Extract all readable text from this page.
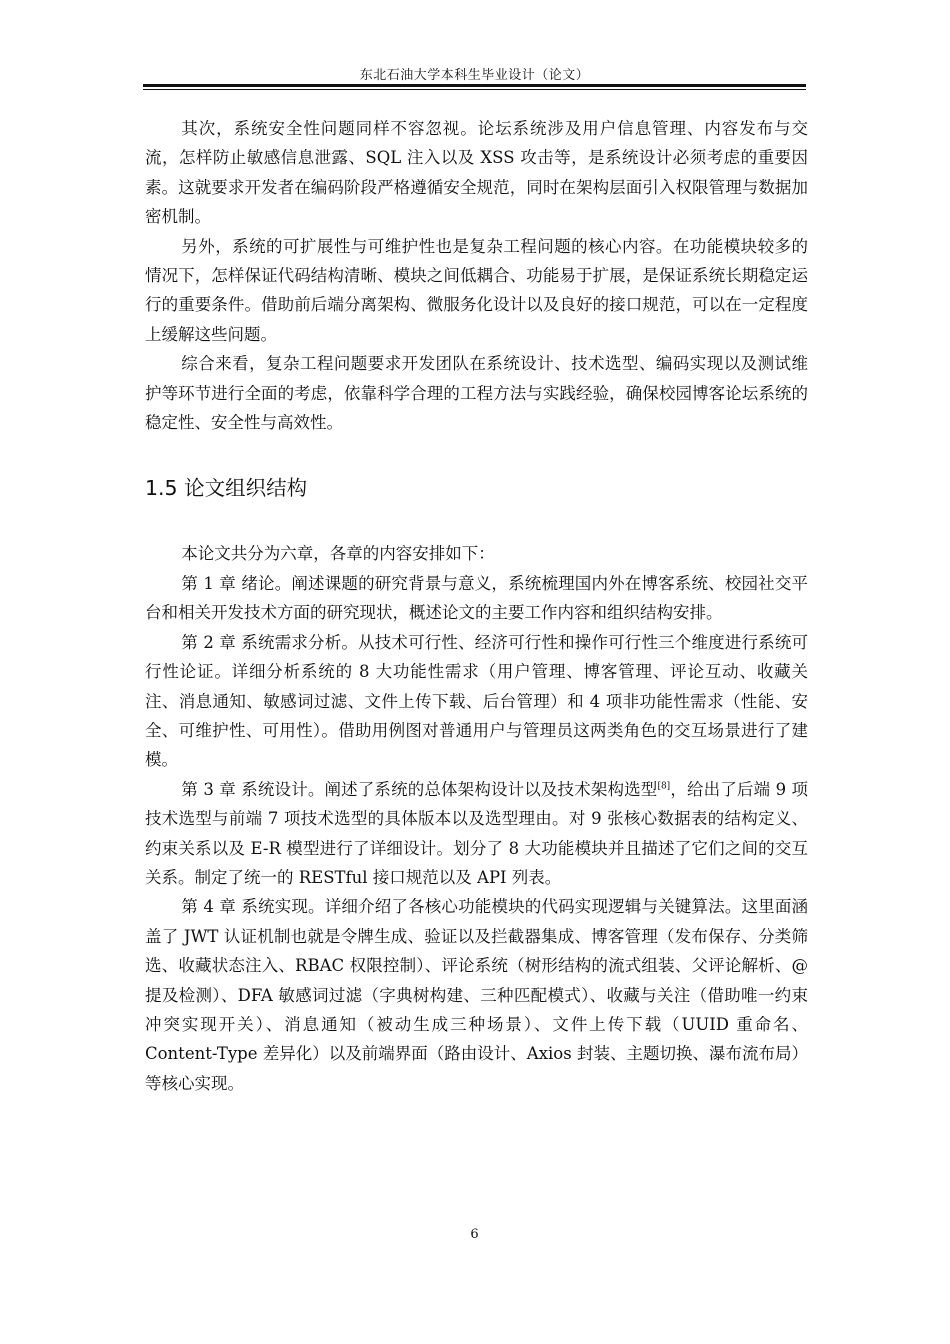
东北石油大学本科生毕业设计（论文）

其次，系统安全性问题同样不容忽视。论坛系统涉及用户信息管理、内容发布与交流，怎样防止敏感信息泄露、SQL 注入以及 XSS 攻击等，是系统设计必须考虑的重要因素。这就要求开发者在编码阶段严格遵循安全规范，同时在架构层面引入权限管理与数据加密机制。

另外，系统的可扩展性与可维护性也是复杂工程问题的核心内容。在功能模块较多的情况下，怎样保证代码结构清晰、模块之间低耦合、功能易于扩展，是保证系统长期稳定运行的重要条件。借助前后端分离架构、微服务化设计以及良好的接口规范，可以在一定程度上缓解这些问题。

综合来看，复杂工程问题要求开发团队在系统设计、技术选型、编码实现以及测试维护等环节进行全面的考虑，依靠科学合理的工程方法与实践经验，确保校园博客论坛系统的稳定性、安全性与高效性。

1.5 论文组织结构

本论文共分为六章，各章的内容安排如下：

第 1 章 绪论。阐述课题的研究背景与意义，系统梳理国内外在博客系统、校园社交平台和相关开发技术方面的研究现状，概述论文的主要工作内容和组织结构安排。

第 2 章 系统需求分析。从技术可行性、经济可行性和操作可行性三个维度进行系统可行性论证。详细分析系统的 8 大功能性需求（用户管理、博客管理、评论互动、收藏关注、消息通知、敏感词过滤、文件上传下载、后台管理）和 4 项非功能性需求（性能、安全、可维护性、可用性）。借助用例图对普通用户与管理员这两类角色的交互场景进行了建模。

第 3 章 系统设计。阐述了系统的总体架构设计以及技术架构选型[8]，给出了后端 9 项技术选型与前端 7 项技术选型的具体版本以及选型理由。对 9 张核心数据表的结构定义、约束关系以及 E-R 模型进行了详细设计。划分了 8 大功能模块并且描述了它们之间的交互关系。制定了统一的 RESTful 接口规范以及 API 列表。

第 4 章 系统实现。详细介绍了各核心功能模块的代码实现逻辑与关键算法。这里面涵盖了 JWT 认证机制也就是令牌生成、验证以及拦截器集成、博客管理（发布保存、分类筛选、收藏状态注入、RBAC 权限控制）、评论系统（树形结构的流式组装、父评论解析、@提及检测）、DFA 敏感词过滤（字典树构建、三种匹配模式）、收藏与关注（借助唯一约束冲突实现开关）、消息通知（被动生成三种场景）、文件上传下载（UUID 重命名、Content-Type 差异化）以及前端界面（路由设计、Axios 封装、主题切换、瀑布流布局）等核心实现。

6
